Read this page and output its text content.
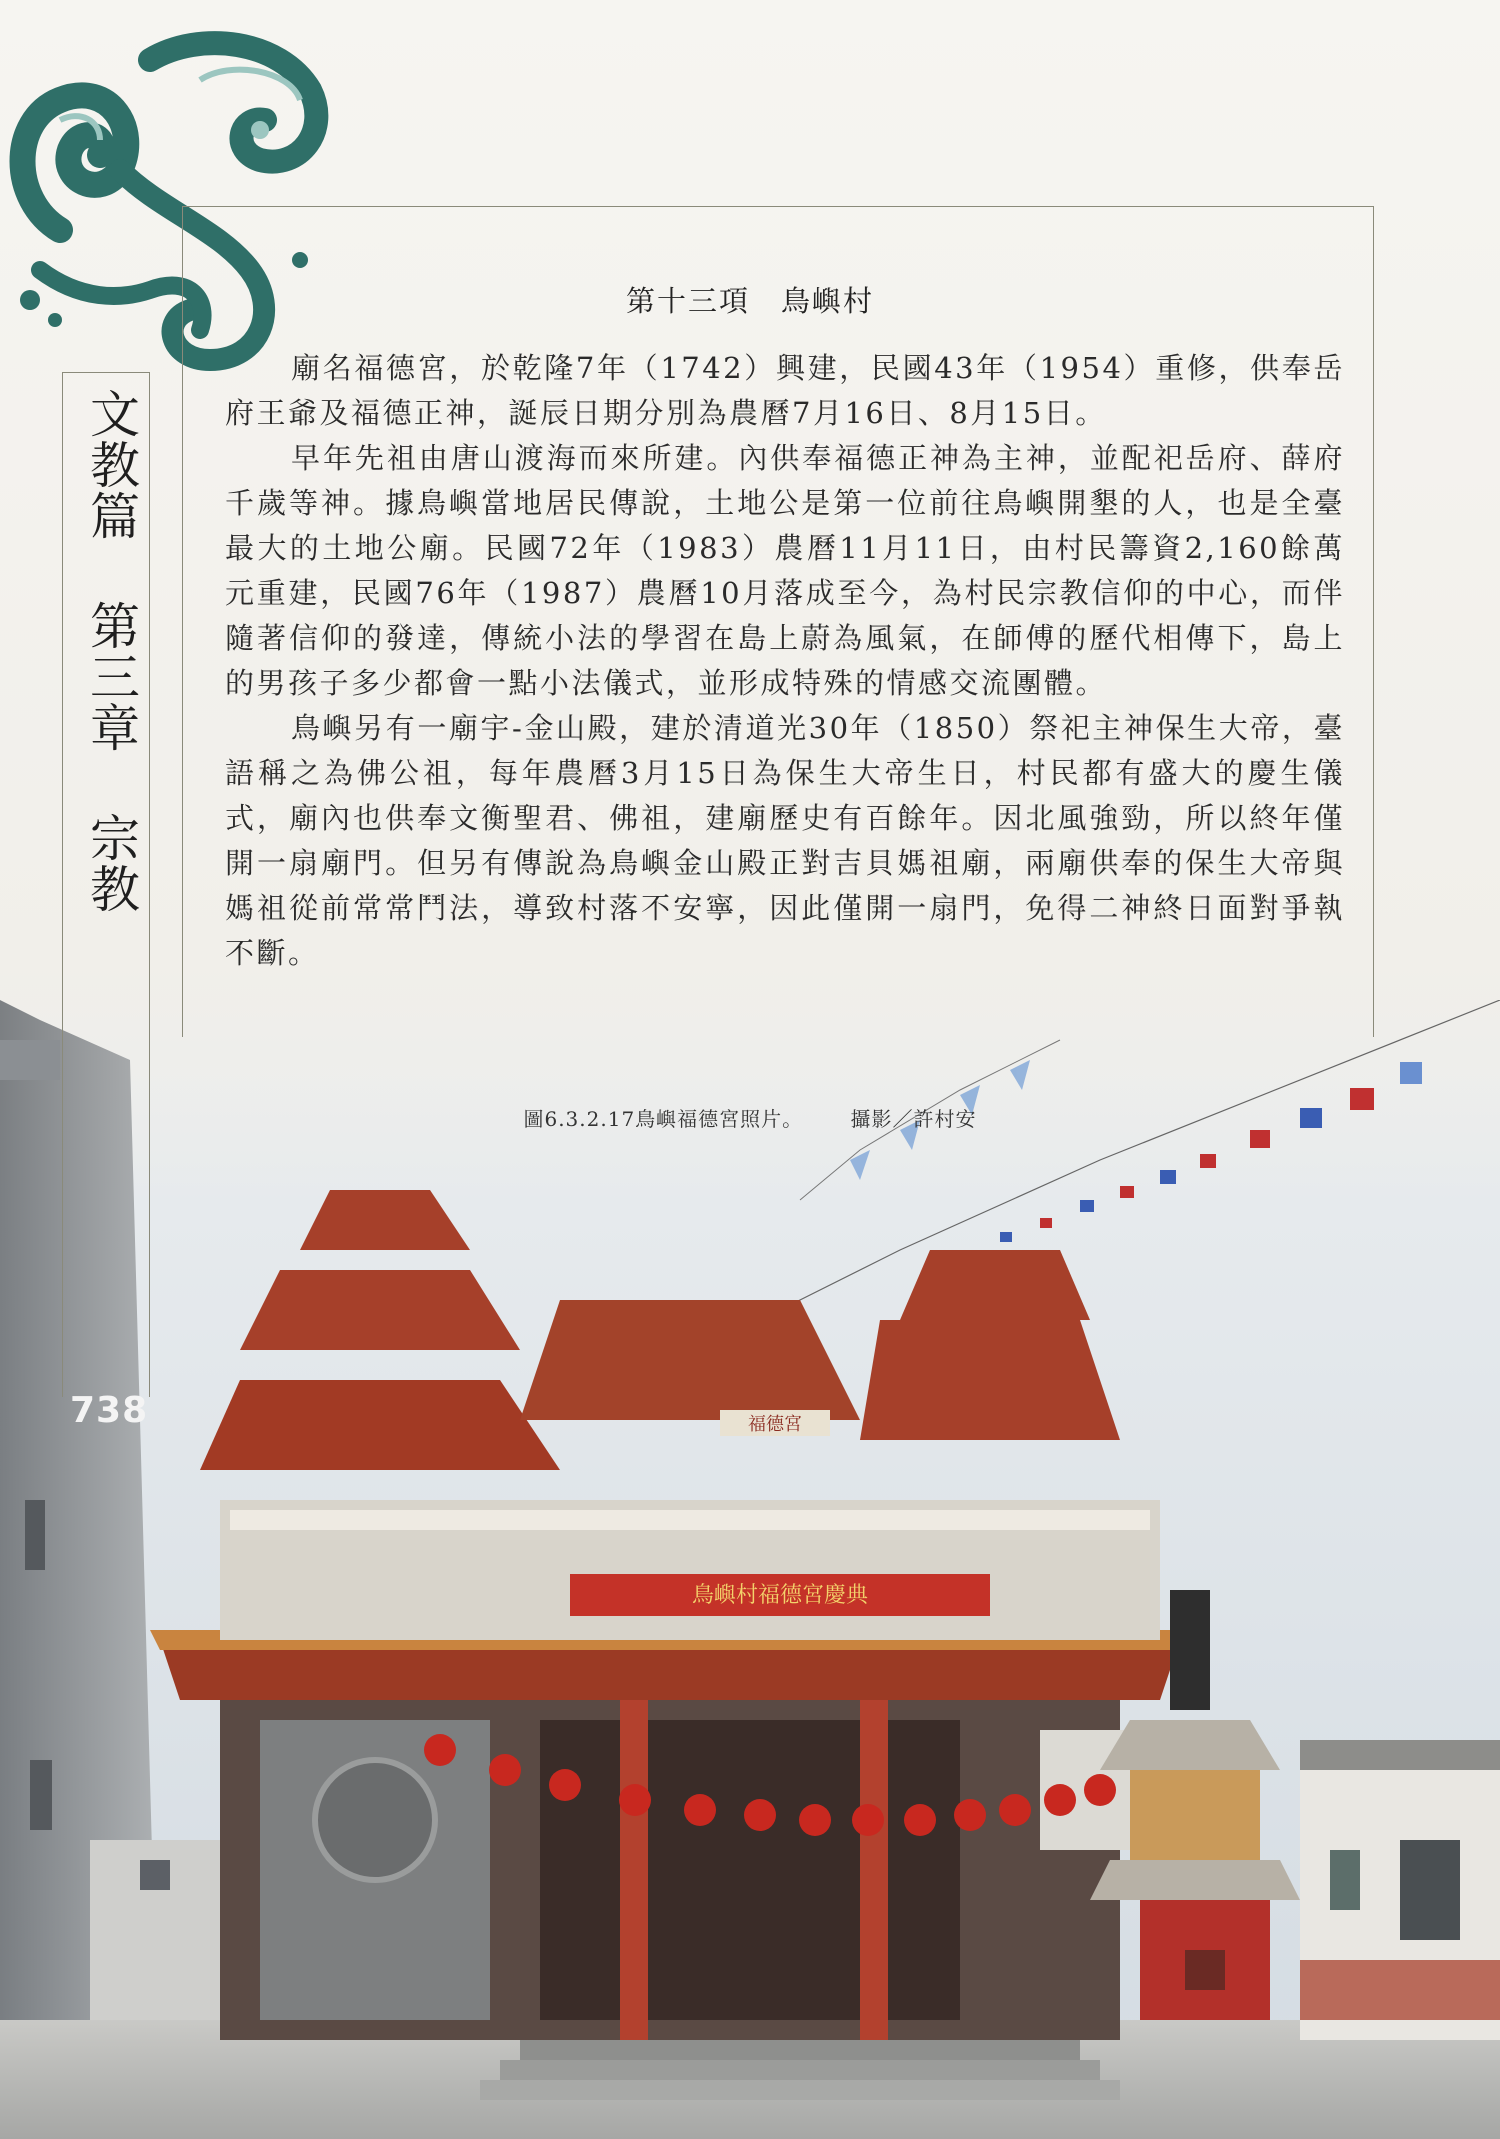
鳥嶼村福德宮慶典
福德宮
文教篇 第三章 宗教
第十三項　鳥嶼村

廟名福德宮，於乾隆7年（1742）興建，民國43年（1954）重修，供奉岳府王爺及福德正神，誕辰日期分別為農曆7月16日、8月15日。

早年先祖由唐山渡海而來所建。內供奉福德正神為主神，並配祀岳府、薛府千歲等神。據鳥嶼當地居民傳說，土地公是第一位前往鳥嶼開墾的人，也是全臺最大的土地公廟。民國72年（1983）農曆11月11日，由村民籌資2,160餘萬元重建，民國76年（1987）農曆10月落成至今，為村民宗教信仰的中心，而伴隨著信仰的發達，傳統小法的學習在島上蔚為風氣，在師傅的歷代相傳下，島上的男孩子多少都會一點小法儀式，並形成特殊的情感交流團體。

鳥嶼另有一廟宇-金山殿，建於清道光30年（1850）祭祀主神保生大帝，臺語稱之為佛公祖，每年農曆3月15日為保生大帝生日，村民都有盛大的慶生儀式，廟內也供奉文衡聖君、佛祖，建廟歷史有百餘年。因北風強勁，所以終年僅開一扇廟門。但另有傳說為鳥嶼金山殿正對吉貝媽祖廟，兩廟供奉的保生大帝與媽祖從前常常鬥法，導致村落不安寧，因此僅開一扇門，免得二神終日面對爭執不斷。

圖6.3.2.17鳥嶼福德宮照片。 攝影／許村安
738
